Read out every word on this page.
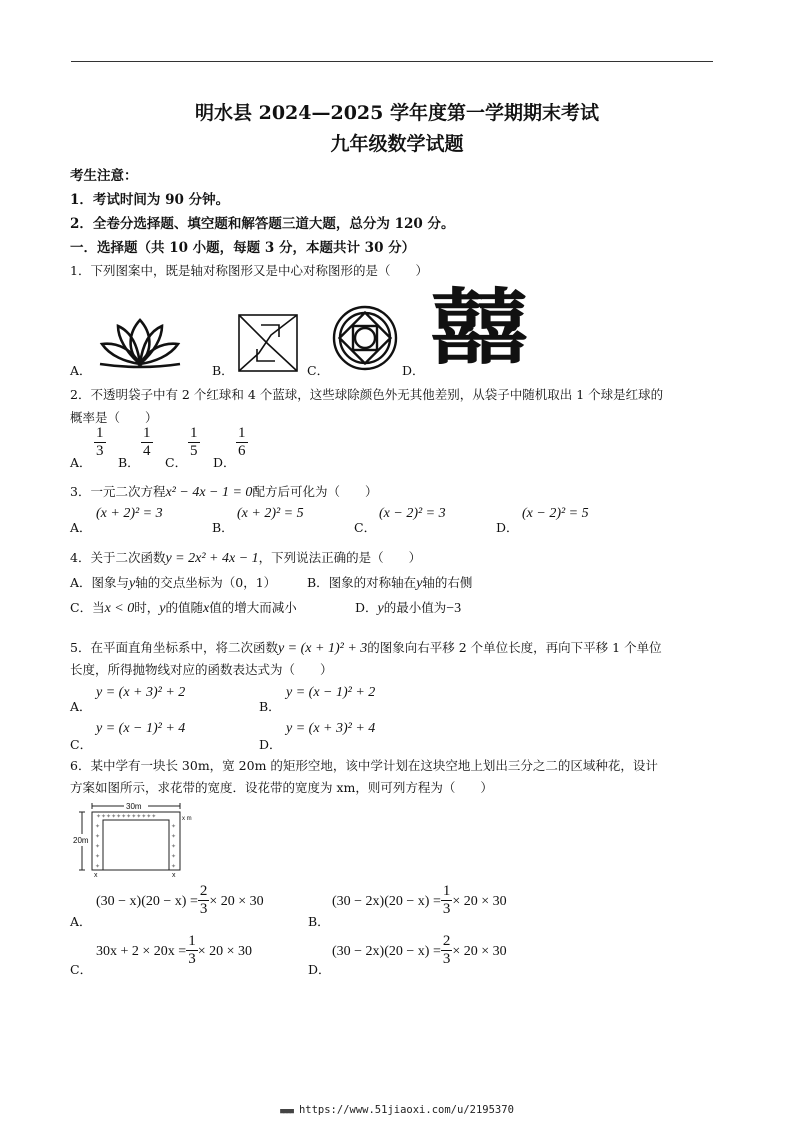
明水县 2024—2025 学年度第一学期期末考试
九年级数学试题
考生注意：
1．考试时间为 90 分钟。
2．全卷分选择题、填空题和解答题三道大题，总分为 120 分。
一．选择题（共 10 小题，每题 3 分，本题共计 30 分）
1．下列图案中，既是轴对称图形又是中心对称图形的是（　　）
囍
A．	B．	C．	D．
2．不透明袋子中有 2 个红球和 4 个蓝球，这些球除颜色外无其他差别，从袋子中随机取出 1 个球是红球的
概率是（　　）
A．
$\frac{1}{3}$
B．
$\frac{1}{4}$
C．
$\frac{1}{5}$
D．
$\frac{1}{6}$
3．一元二次方程x² − 4x − 1 = 0配方后可化为（　　）
A．
(x + 2)² = 3
B．
(x + 2)² = 5
C．
(x − 2)² = 3
D．
(x − 2)² = 5
4．关于二次函数y = 2x² + 4x − 1，下列说法正确的是（　　）
A．图象与y轴的交点坐标为（0，1） B．图象的对称轴在y轴的右侧
C．当x < 0时，y的值随x值的增大而减小	D．y的最小值为−3
5．在平面直角坐标系中，将二次函数y = (x + 1)² + 3的图象向右平移 2 个单位长度，再向下平移 1 个单位
长度，所得抛物线对应的函数表达式为（　　）
A．
y = (x + 3)² + 2
B．
y = (x − 1)² + 2
C．
y = (x − 1)² + 4
D．
y = (x + 3)² + 4
6．某中学有一块长 30m，宽 20m 的矩形空地，该中学计划在这块空地上划出三分之二的区域种花，设计
方案如图所示，求花带的宽度．设花带的宽度为 xm，则可列方程为（　　）
✦✦✦✦✦✦✦✦✦✦✦✦
✦
✦
✦
✦
✦
✦
✦
✦
✦
✦
30m
20m
x m
x	x
A．
$(30 - x)(20 - x) = \frac{2}{3} \times 20 \times 30$
B．
$(30 - 2x)(20 - x) = \frac{1}{3} \times 20 \times 30$
C．
$30x + 2 \times 20x = \frac{1}{3} \times 20 \times 30$
D．
$(30 - 2x)(20 - x) = \frac{2}{3} \times 20 \times 30$
■■■■ https://www.51jiaoxi.com/u/2195370
